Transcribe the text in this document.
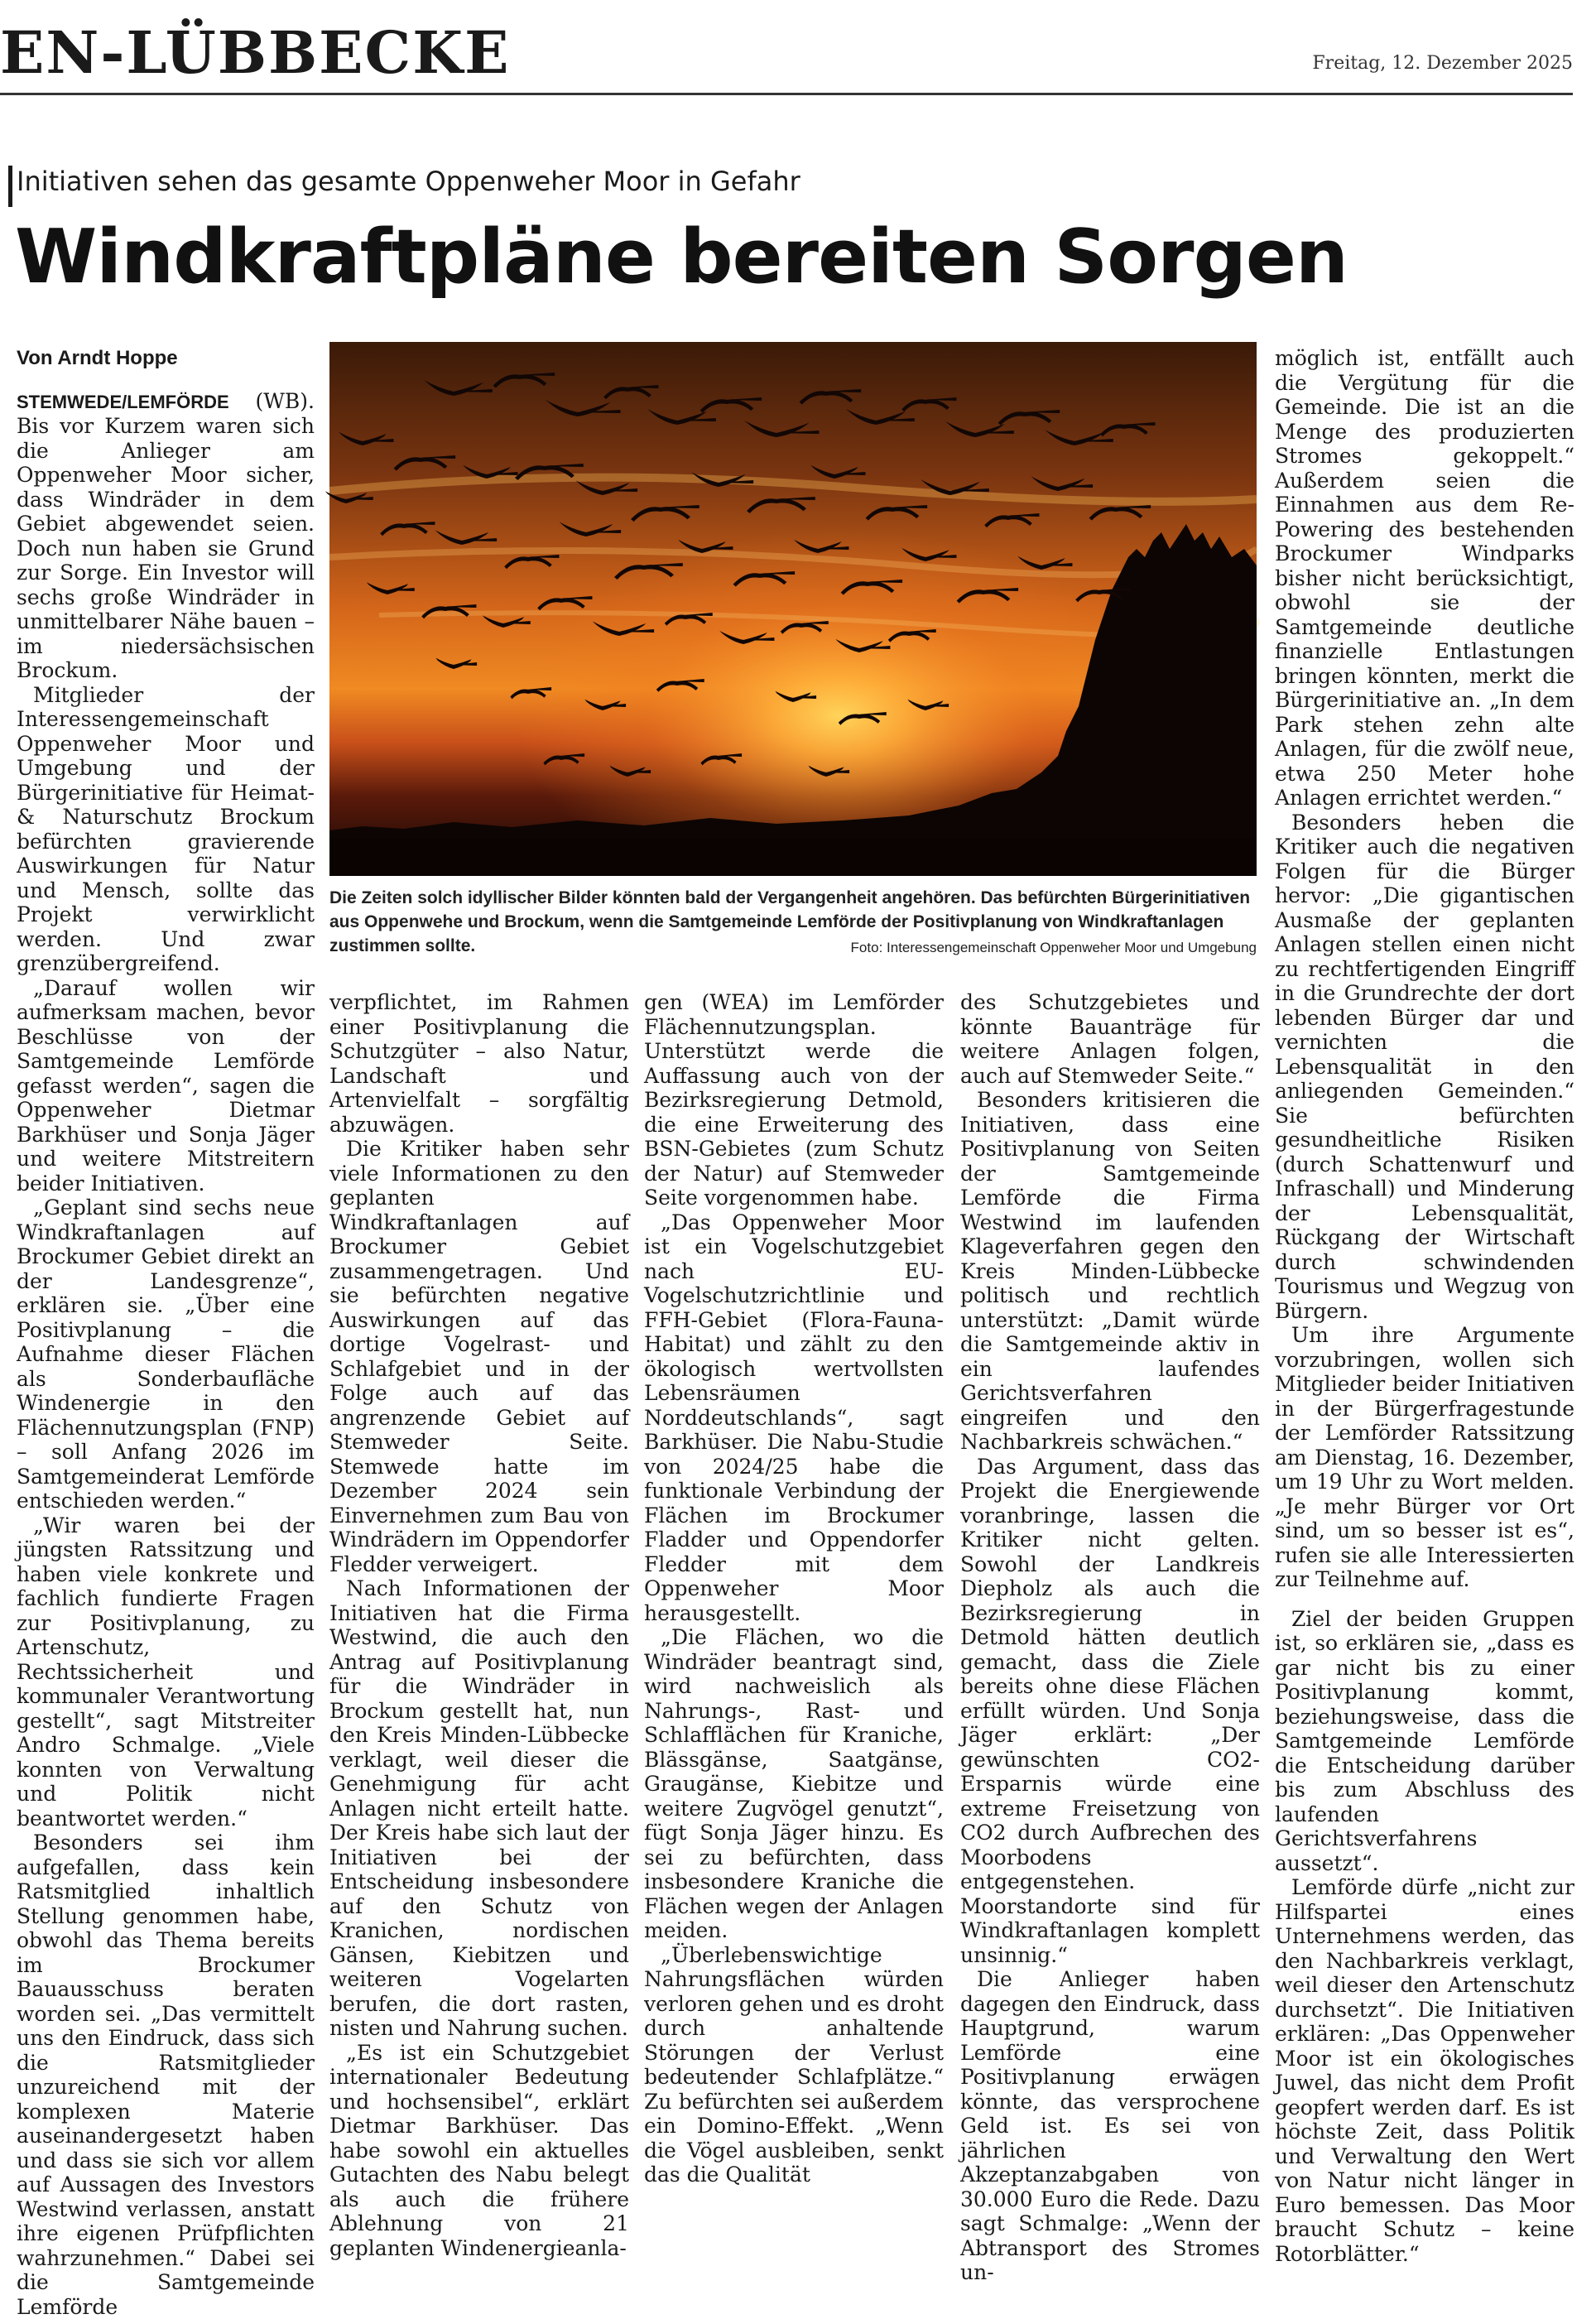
EN-LÜBBECKE	Freitag, 12. Dezember 2025
Initiativen sehen das gesamte Oppenweher Moor in Gefahr
Windkraftpläne bereiten Sorgen
Die Zeiten solch idyllischer Bilder könnten bald der Vergangenheit angehören. Das befürchten Bürgerinitiativen aus Oppenwehe und Brockum, wenn die Samtgemeinde Lemförde der Positivplanung von Windkraftanlagen zustimmen sollte.	Foto: Interessengemeinschaft Oppenweher Moor und Umgebung
Von Arndt Hoppe

STEMWEDE/LEMFÖRDE (WB). Bis vor Kurzem waren sich die Anlieger am Oppenweher Moor sicher, dass Windräder in dem Gebiet abgewendet seien. Doch nun haben sie Grund zur Sorge. Ein Investor will sechs große Windräder in unmittelbarer Nähe bauen – im niedersächsischen Brockum.

Mitglieder der Interessengemeinschaft Oppenweher Moor und Umgebung und der Bürgerinitiative für Heimat- & Naturschutz Brockum befürchten gravierende Auswirkungen für Natur und Mensch, sollte das Projekt verwirklicht werden. Und zwar grenzübergreifend.

„Darauf wollen wir aufmerksam machen, bevor Beschlüsse von der Samtgemeinde Lemförde gefasst werden“, sagen die Oppenweher Dietmar Barkhüser und Sonja Jäger und weitere Mitstreitern beider Initiativen.

„Geplant sind sechs neue Windkraftanlagen auf Brockumer Gebiet direkt an der Landesgrenze“, erklären sie. „Über eine Positivplanung – die Aufnahme dieser Flächen als Sonderbaufläche Windenergie in den Flächennutzungsplan (FNP) – soll Anfang 2026 im Samtgemeinderat Lemförde entschieden werden.“

„Wir waren bei der jüngsten Ratssitzung und haben viele konkrete und fachlich fundierte Fragen zur Positivplanung, zu Artenschutz, Rechtssicherheit und kommunaler Verantwortung gestellt“, sagt Mitstreiter Andro Schmalge. „Viele konnten von Verwaltung und Politik nicht beantwortet werden.“

Besonders sei ihm aufgefallen, dass kein Ratsmitglied inhaltlich Stellung genommen habe, obwohl das Thema bereits im Brockumer Bauausschuss beraten worden sei. „Das vermittelt uns den Eindruck, dass sich die Ratsmitglieder unzureichend mit der komplexen Materie auseinandergesetzt haben und dass sie sich vor allem auf Aussagen des Investors Westwind verlassen, anstatt ihre eigenen Prüfpflichten wahrzunehmen.“ Dabei sei die Samtgemeinde Lemförde

verpflichtet, im Rahmen einer Positivplanung die Schutzgüter – also Natur, Landschaft und Artenvielfalt – sorgfältig abzuwägen.

Die Kritiker haben sehr viele Informationen zu den geplanten Windkraftanlagen auf Brockumer Gebiet zusammengetragen. Und sie befürchten negative Auswirkungen auf das dortige Vogelrast- und Schlafgebiet und in der Folge auch auf das angrenzende Gebiet auf Stemweder Seite. Stemwede hatte im Dezember 2024 sein Einvernehmen zum Bau von Windrädern im Oppendorfer Fledder verweigert.

Nach Informationen der Initiativen hat die Firma Westwind, die auch den Antrag auf Positivplanung für die Windräder in Brockum gestellt hat, nun den Kreis Minden-Lübbecke verklagt, weil dieser die Genehmigung für acht Anlagen nicht erteilt hatte. Der Kreis habe sich laut der Initiativen bei der Entscheidung insbesondere auf den Schutz von Kranichen, nordischen Gänsen, Kiebitzen und weiteren Vogelarten berufen, die dort rasten, nisten und Nahrung suchen.

„Es ist ein Schutzgebiet internationaler Bedeutung und hochsensibel“, erklärt Dietmar Barkhüser. Das habe sowohl ein aktuelles Gutachten des Nabu belegt als auch die frühere Ablehnung von 21 geplanten Windenergieanla-

gen (WEA) im Lemförder Flächennutzungsplan. Unterstützt werde die Auffassung auch von der Bezirksregierung Detmold, die eine Erweiterung des BSN-Gebietes (zum Schutz der Natur) auf Stemweder Seite vorgenommen habe.

„Das Oppenweher Moor ist ein Vogelschutzgebiet nach EU-Vogelschutzrichtlinie und FFH-Gebiet (Flora-Fauna-Habitat) und zählt zu den ökologisch wertvollsten Lebensräumen Norddeutschlands“, sagt Barkhüser. Die Nabu-Studie von 2024/25 habe die funktionale Verbindung der Flächen im Brockumer Fladder und Oppendorfer Fledder mit dem Oppenweher Moor herausgestellt.

„Die Flächen, wo die Windräder beantragt sind, wird nachweislich als Nahrungs-, Rast- und Schlafflächen für Kraniche, Blässgänse, Saatgänse, Graugänse, Kiebitze und weitere Zugvögel genutzt“, fügt Sonja Jäger hinzu. Es sei zu befürchten, dass insbesondere Kraniche die Flächen wegen der Anlagen meiden.

„Überlebenswichtige Nahrungsflächen würden verloren gehen und es droht durch anhaltende Störungen der Verlust bedeutender Schlafplätze.“ Zu befürchten sei außerdem ein Domino-Effekt. „Wenn die Vögel ausbleiben, senkt das die Qualität

des Schutzgebietes und könnte Bauanträge für weitere Anlagen folgen, auch auf Stemweder Seite.“

Besonders kritisieren die Initiativen, dass eine Positivplanung von Seiten der Samtgemeinde Lemförde die Firma Westwind im laufenden Klageverfahren gegen den Kreis Minden-Lübbecke politisch und rechtlich unterstützt: „Damit würde die Samtgemeinde aktiv in ein laufendes Gerichtsverfahren eingreifen und den Nachbarkreis schwächen.“

Das Argument, dass das Projekt die Energiewende voranbringe, lassen die Kritiker nicht gelten. Sowohl der Landkreis Diepholz als auch die Bezirksregierung in Detmold hätten deutlich gemacht, dass die Ziele bereits ohne diese Flächen erfüllt würden. Und Sonja Jäger erklärt: „Der gewünschten CO2-Ersparnis würde eine extreme Freisetzung von CO2 durch Aufbrechen des Moorbodens entgegenstehen. Moorstandorte sind für Windkraftanlagen komplett unsinnig.“

Die Anlieger haben dagegen den Eindruck, dass Hauptgrund, warum Lemförde eine Positivplanung erwägen könnte, das versprochene Geld ist. Es sei von jährlichen Akzeptanzabgaben von 30.000 Euro die Rede. Dazu sagt Schmalge: „Wenn der Abtransport des Stromes un-

möglich ist, entfällt auch die Vergütung für die Gemeinde. Die ist an die Menge des produzierten Stromes gekoppelt.“ Außerdem seien die Einnahmen aus dem Re-Powering des bestehenden Brockumer Windparks bisher nicht berücksichtigt, obwohl sie der Samtgemeinde deutliche finanzielle Entlastungen bringen könnten, merkt die Bürgerinitiative an. „In dem Park stehen zehn alte Anlagen, für die zwölf neue, etwa 250 Meter hohe Anlagen errichtet werden.“

Besonders heben die Kritiker auch die negativen Folgen für die Bürger hervor: „Die gigantischen Ausmaße der geplanten Anlagen stellen einen nicht zu rechtfertigenden Eingriff in die Grundrechte der dort lebenden Bürger dar und vernichten die Lebensqualität in den anliegenden Gemeinden.“ Sie befürchten gesundheitliche Risiken (durch Schattenwurf und Infraschall) und Minderung der Lebensqualität, Rückgang der Wirtschaft durch schwindenden Tourismus und Wegzug von Bürgern.

Um ihre Argumente vorzubringen, wollen sich Mitglieder beider Initiativen in der Bürgerfragestunde der Lemförder Ratssitzung am Dienstag, 16. Dezember, um 19 Uhr zu Wort melden. „Je mehr Bürger vor Ort sind, um so besser ist es“, rufen sie alle Interessierten zur Teilnehme auf.

Ziel der beiden Gruppen ist, so erklären sie, „dass es gar nicht bis zu einer Positivplanung kommt, beziehungsweise, dass die Samtgemeinde Lemförde die Entscheidung darüber bis zum Abschluss des laufenden Gerichtsverfahrens aussetzt“.

Lemförde dürfe „nicht zur Hilfspartei eines Unternehmens werden, das den Nachbarkreis verklagt, weil dieser den Artenschutz durchsetzt“. Die Initiativen erklären: „Das Oppenweher Moor ist ein ökologisches Juwel, das nicht dem Profit geopfert werden darf. Es ist höchste Zeit, dass Politik und Verwaltung den Wert von Natur nicht länger in Euro bemessen. Das Moor braucht Schutz – keine Rotorblätter.“
